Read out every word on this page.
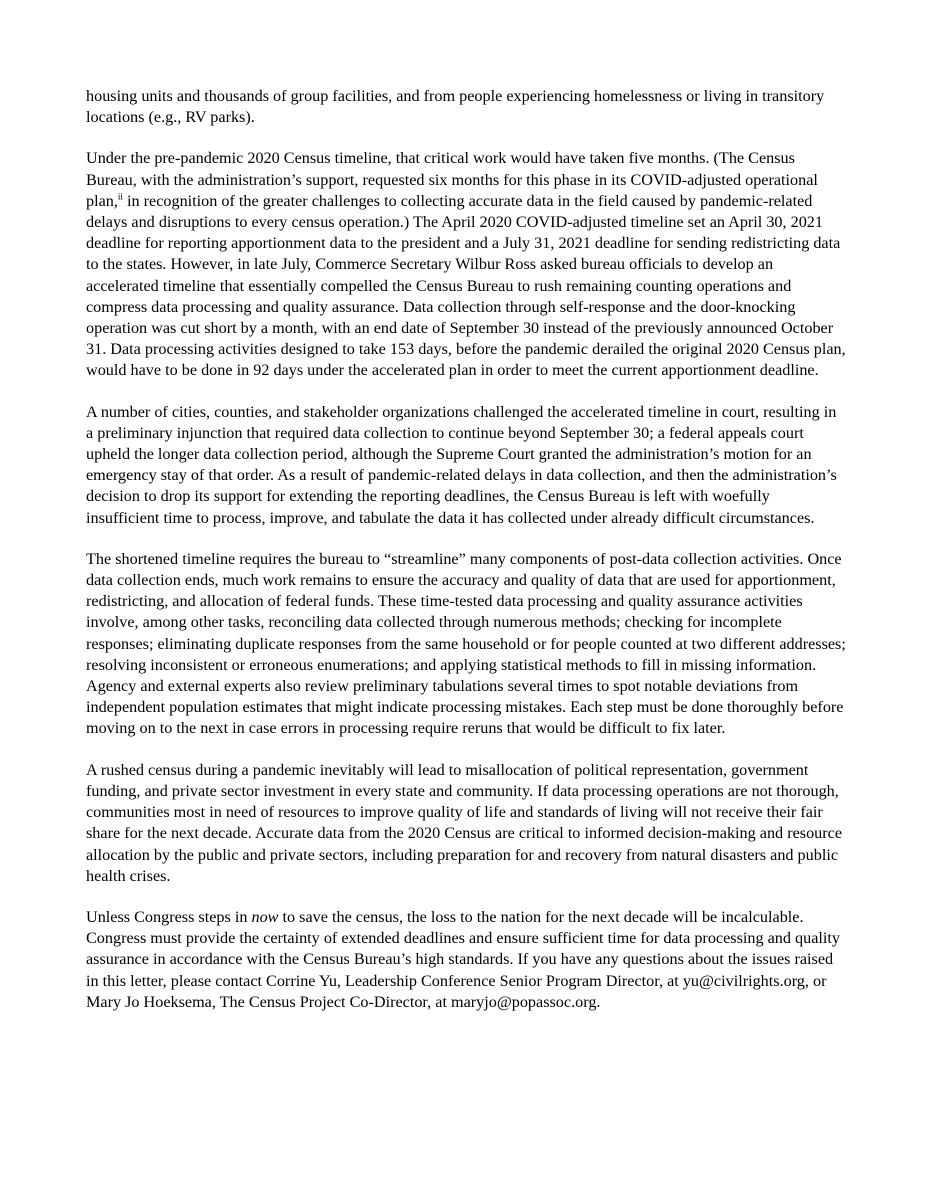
housing units and thousands of group facilities, and from people experiencing homelessness or living in transitory locations (e.g., RV parks).

Under the pre-pandemic 2020 Census timeline, that critical work would have taken five months. (The Census Bureau, with the administration’s support, requested six months for this phase in its COVID-adjusted operational plan,$^{ii}$ in recognition of the greater challenges to collecting accurate data in the field caused by pandemic-related delays and disruptions to every census operation.) The April 2020 COVID-adjusted timeline set an April 30, 2021 deadline for reporting apportionment data to the president and a July 31, 2021 deadline for sending redistricting data to the states. However, in late July, Commerce Secretary Wilbur Ross asked bureau officials to develop an accelerated timeline that essentially compelled the Census Bureau to rush remaining counting operations and compress data processing and quality assurance. Data collection through self-response and the door-knocking operation was cut short by a month, with an end date of September 30 instead of the previously announced October 31. Data processing activities designed to take 153 days, before the pandemic derailed the original 2020 Census plan, would have to be done in 92 days under the accelerated plan in order to meet the current apportionment deadline.

A number of cities, counties, and stakeholder organizations challenged the accelerated timeline in court, resulting in a preliminary injunction that required data collection to continue beyond September 30; a federal appeals court upheld the longer data collection period, although the Supreme Court granted the administration’s motion for an emergency stay of that order. As a result of pandemic-related delays in data collection, and then the administration’s decision to drop its support for extending the reporting deadlines, the Census Bureau is left with woefully insufficient time to process, improve, and tabulate the data it has collected under already difficult circumstances.

The shortened timeline requires the bureau to “streamline” many components of post-data collection activities. Once data collection ends, much work remains to ensure the accuracy and quality of data that are used for apportionment, redistricting, and allocation of federal funds. These time-tested data processing and quality assurance activities involve, among other tasks, reconciling data collected through numerous methods; checking for incomplete responses; eliminating duplicate responses from the same household or for people counted at two different addresses; resolving inconsistent or erroneous enumerations; and applying statistical methods to fill in missing information. Agency and external experts also review preliminary tabulations several times to spot notable deviations from independent population estimates that might indicate processing mistakes. Each step must be done thoroughly before moving on to the next in case errors in processing require reruns that would be difficult to fix later.

A rushed census during a pandemic inevitably will lead to misallocation of political representation, government funding, and private sector investment in every state and community. If data processing operations are not thorough, communities most in need of resources to improve quality of life and standards of living will not receive their fair share for the next decade. Accurate data from the 2020 Census are critical to informed decision-making and resource allocation by the public and private sectors, including preparation for and recovery from natural disasters and public health crises.

Unless Congress steps in now to save the census, the loss to the nation for the next decade will be incalculable. Congress must provide the certainty of extended deadlines and ensure sufficient time for data processing and quality assurance in accordance with the Census Bureau’s high standards. If you have any questions about the issues raised in this letter, please contact Corrine Yu, Leadership Conference Senior Program Director, at yu@civilrights.org, or Mary Jo Hoeksema, The Census Project Co-Director, at maryjo@popassoc.org.
